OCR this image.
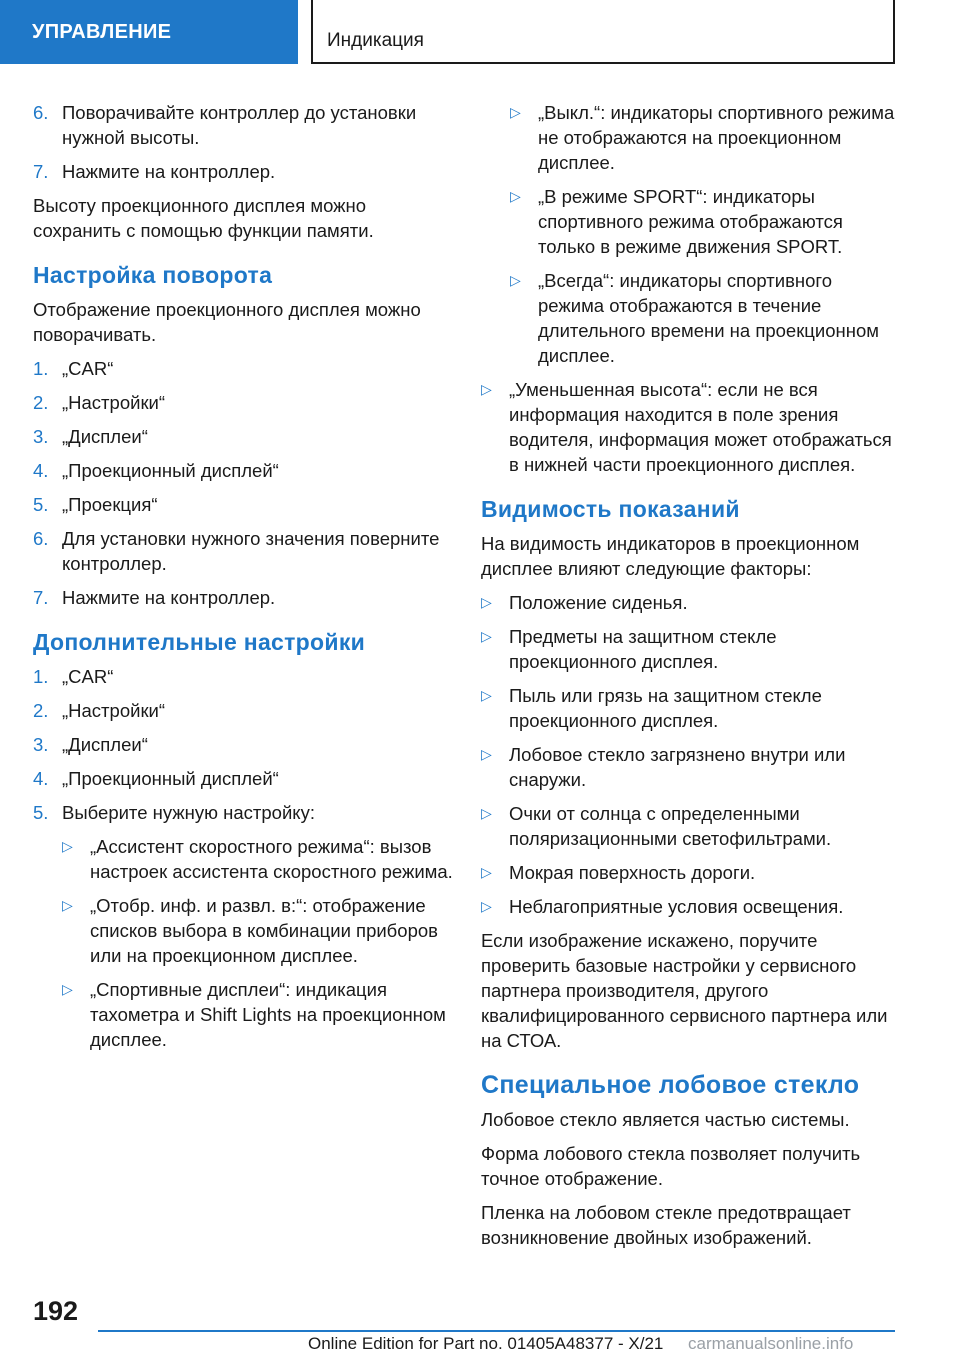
УПРАВЛЕНИЕ	Индикация
6. Поворачивайте контроллер до установки нужной высоты.
7. Нажмите на контроллер.

Высоту проекционного дисплея можно сохранить с помощью функции памяти.

Настройка поворота

Отображение проекционного дисплея можно поворачивать.

1. „CAR“
2. „Настройки“
3. „Дисплеи“
4. „Проекционный дисплей“
5. „Проекция“
6. Для установки нужного значения поверните контроллер.
7. Нажмите на контроллер.
Дополнительные настройки
1. „CAR“
2. „Настройки“
3. „Дисплеи“
4. „Проекционный дисплей“
5. Выберите нужную настройку:
▷ „Ассистент скоростного режима“: вызов настроек ассистента скоростного режима.
▷ „Отобр. инф. и развл. в:“: отображение списков выбора в комбинации приборов или на проекционном дисплее.
▷ „Спортивные дисплеи“: индикация тахометра и Shift Lights на проекционном дисплее.
▷ „Выкл.“: индикаторы спортивного режима не отображаются на проекционном дисплее.
▷ „В режиме SPORT“: индикаторы спортивного режима отображаются только в режиме движения SPORT.
▷ „Всегда“: индикаторы спортивного режима отображаются в течение длительного времени на проекционном дисплее.
▷ „Уменьшенная высота“: если не вся информация находится в поле зрения водителя, информация может отображаться в нижней части проекционного дисплея.
Видимость показаний

На видимость индикаторов в проекционном дисплее влияют следующие факторы:

▷ Положение сиденья.
▷ Предметы на защитном стекле проекционного дисплея.
▷ Пыль или грязь на защитном стекле проекционного дисплея.
▷ Лобовое стекло загрязнено внутри или снаружи.
▷ Очки от солнца с определенными поляризационными светофильтрами.
▷ Мокрая поверхность дороги.
▷ Неблагоприятные условия освещения.

Если изображение искажено, поручите проверить базовые настройки у сервисного партнера производителя, другого квалифицированного сервисного партнера или на СТОА.

Специальное лобовое стекло

Лобовое стекло является частью системы.

Форма лобового стекла позволяет получить точное отображение.

Пленка на лобовом стекле предотвращает возникновение двойных изображений.

192
Online Edition for Part no. 01405A48377 - X/21 carmanualsonline.info
